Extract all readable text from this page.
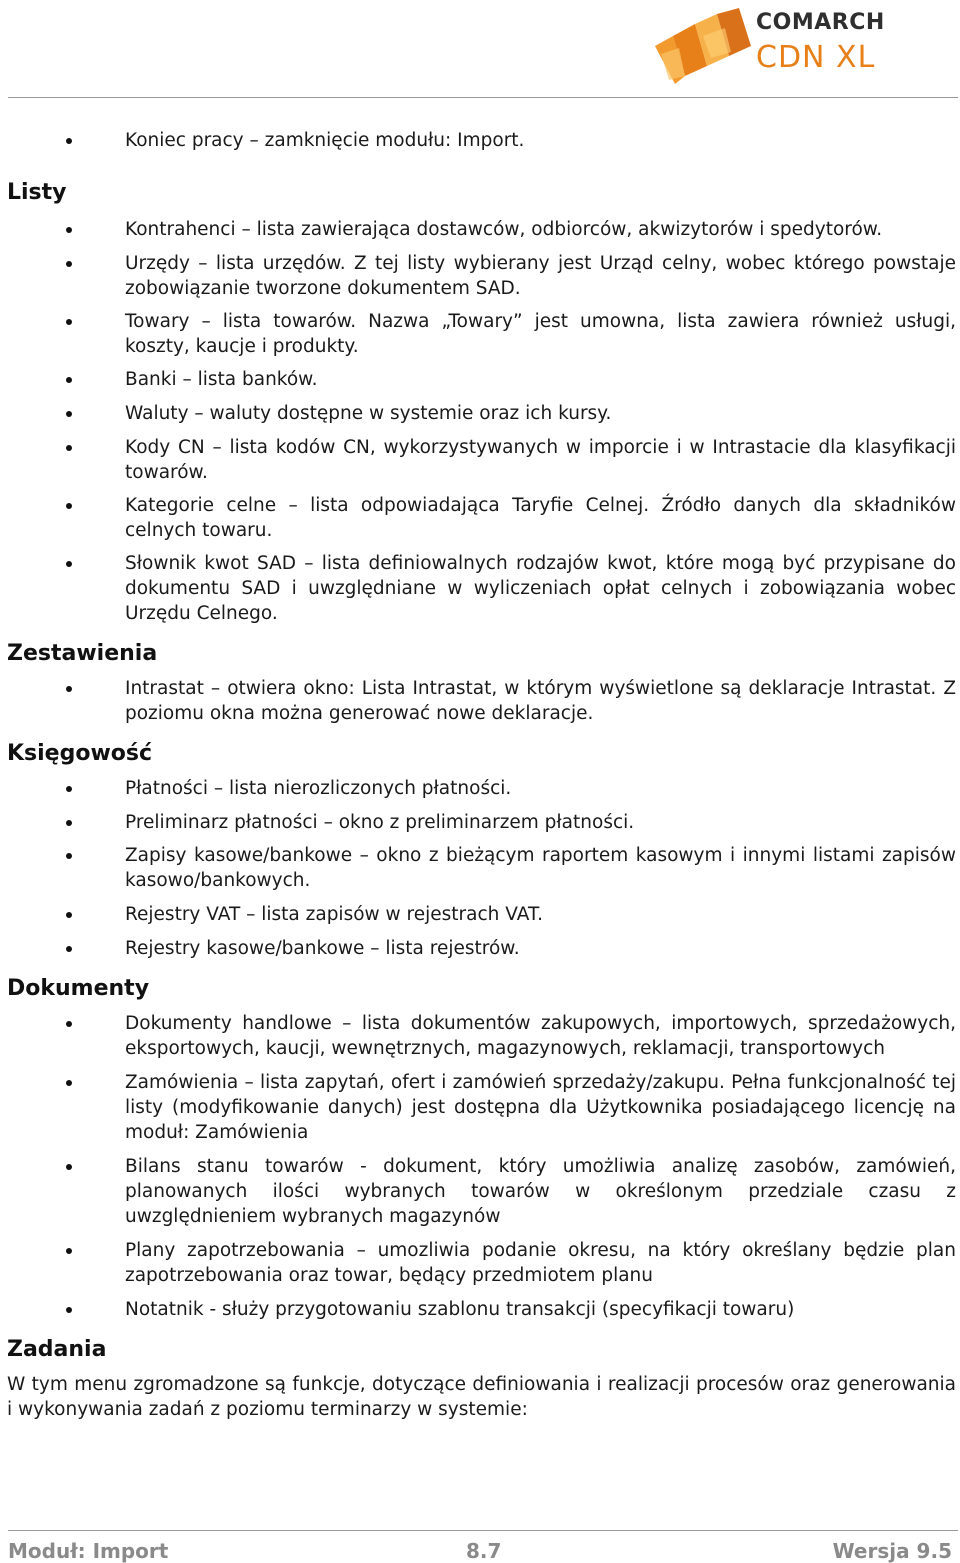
COMARCH
CDN XL
Koniec pracy – zamknięcie modułu: Import.
Listy
Kontrahenci – lista zawierająca dostawców, odbiorców, akwizytorów i spedytorów.
Urzędy – lista urzędów. Z tej listy wybierany jest Urząd celny, wobec którego powstaje zobowiązanie tworzone dokumentem SAD.
Towary – lista towarów. Nazwa „Towary” jest umowna, lista zawiera również usługi, koszty, kaucje i produkty.
Banki – lista banków.
Waluty – waluty dostępne w systemie oraz ich kursy.
Kody CN – lista kodów CN, wykorzystywanych w imporcie i w Intrastacie dla klasyfikacji towarów.
Kategorie celne – lista odpowiadająca Taryfie Celnej. Źródło danych dla składników celnych towaru.
Słownik kwot SAD – lista definiowalnych rodzajów kwot, które mogą być przypisane do dokumentu SAD i uwzględniane w wyliczeniach opłat celnych i zobowiązania wobec Urzędu Celnego.
Zestawienia
Intrastat – otwiera okno: Lista Intrastat, w którym wyświetlone są deklaracje Intrastat. Z poziomu okna można generować nowe deklaracje.
Księgowość
Płatności – lista nierozliczonych płatności.
Preliminarz płatności – okno z preliminarzem płatności.
Zapisy kasowe/bankowe – okno z bieżącym raportem kasowym i innymi listami zapisów kasowo/bankowych.
Rejestry VAT – lista zapisów w rejestrach VAT.
Rejestry kasowe/bankowe – lista rejestrów.
Dokumenty
Dokumenty handlowe – lista dokumentów zakupowych, importowych, sprzedażowych, eksportowych, kaucji, wewnętrznych, magazynowych, reklamacji, transportowych
Zamówienia – lista zapytań, ofert i zamówień sprzedaży/zakupu. Pełna funkcjonalność tej listy (modyfikowanie danych) jest dostępna dla Użytkownika posiadającego licencję na moduł: Zamówienia
Bilans stanu towarów - dokument, który umożliwia analizę zasobów, zamówień, planowanych ilości wybranych towarów w określonym przedziale czasu z uwzględnieniem wybranych magazynów
Plany zapotrzebowania – umozliwia podanie okresu, na który określany będzie plan zapotrzebowania oraz towar, będący przedmiotem planu
Notatnik - służy przygotowaniu szablonu transakcji (specyfikacji towaru)
Zadania

W tym menu zgromadzone są funkcje, dotyczące definiowania i realizacji procesów oraz generowania i wykonywania zadań z poziomu terminarzy w systemie:

Moduł: Import	8.7	Wersja 9.5
